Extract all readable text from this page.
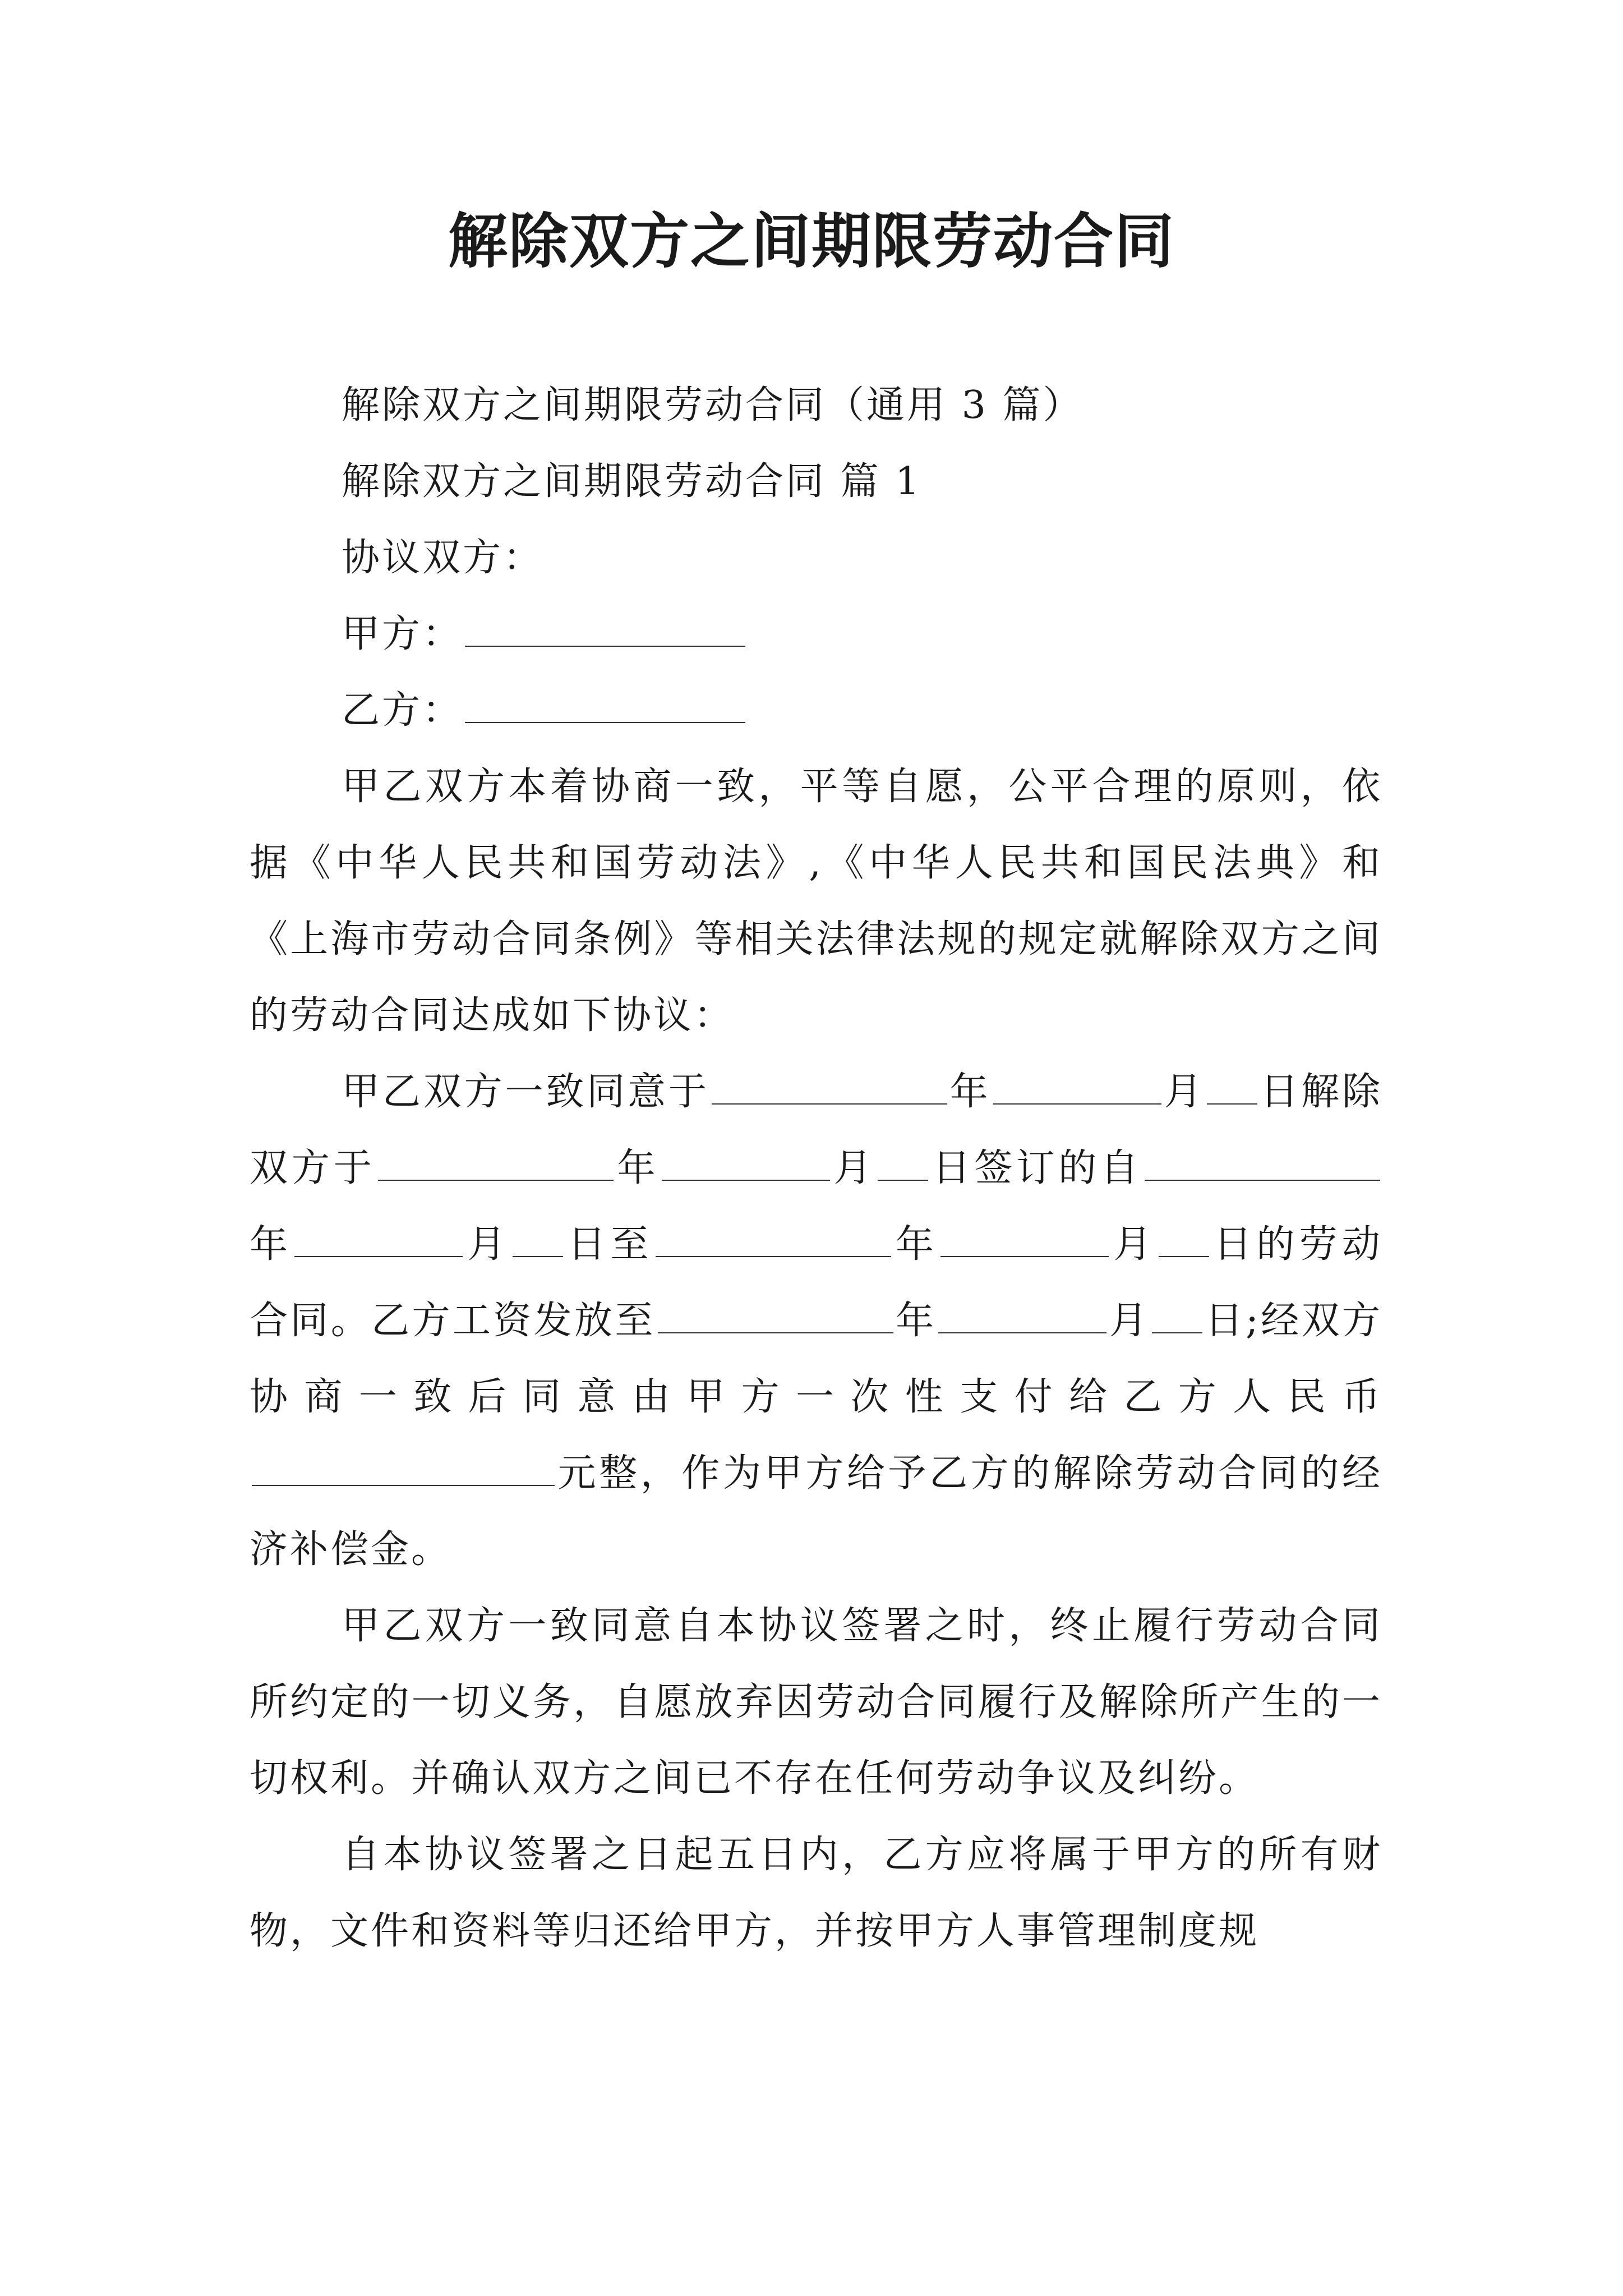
解除双方之间期限劳动合同

解除双方之间期限劳动合同（通用 3 篇）

解除双方之间期限劳动合同 篇 1

协议双方：

甲方：

乙方：

甲乙双方本着协商一致，平等自愿，公平合理的原则，依据《中华人民共和国劳动法》,《中华人民共和国民法典》和《上海市劳动合同条例》等相关法律法规的规定就解除双方之间的劳动合同达成如下协议：

甲乙双方一致同意于	年	月 日解除双方于	年	月 日签订的自年	月 日至	年	月 日的劳动合同。乙方工资发放至	年	月 日;经双方协商一致后同意由甲方一次性支付给乙方人民币元整，作为甲方给予乙方的解除劳动合同的经济补偿金。

甲乙双方一致同意自本协议签署之时，终止履行劳动合同所约定的一切义务，自愿放弃因劳动合同履行及解除所产生的一切权利。并确认双方之间已不存在任何劳动争议及纠纷。

自本协议签署之日起五日内，乙方应将属于甲方的所有财物，文件和资料等归还给甲方，并按甲方人事管理制度规
